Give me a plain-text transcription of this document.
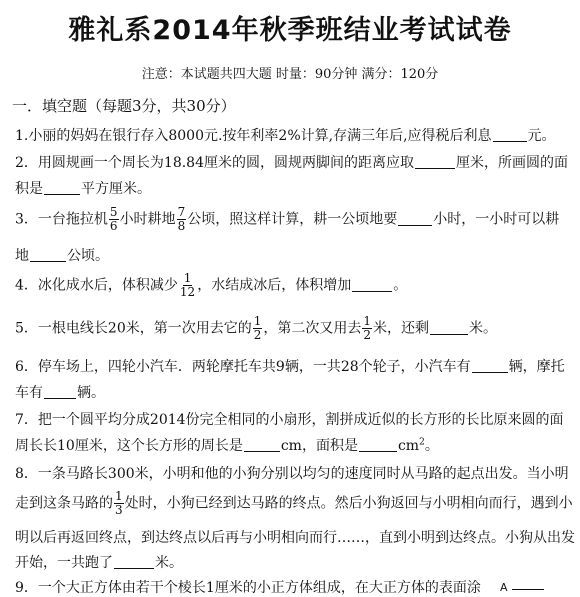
雅礼系2014年秋季班结业考试试卷
注意：本试题共四大题 时量：90分钟 满分：120分
一．填空题（每题3分，共30分）
1.小丽的妈妈在银行存入8000元.按年利率2%计算,存满三年后,应得税后利息	元。
2．用圆规画一个周长为18.84厘米的圆，圆规两脚间的距离应取	厘米，所画圆的面
积是	平方厘米。
3．一台拖拉机 $\frac{5}{6}$ 小时耕地 $\frac{7}{8}$ 公顷，照这样计算，耕一公顷地要	小时，一小时可以耕
地	公顷。
4．冰化成水后，体积减少 $\frac{1}{12}$ ，水结成冰后，体积增加	。
5．一根电线长20米，第一次用去它的 $\frac{1}{2}$ ，第二次又用去 $\frac{1}{2}$ 米，还剩	米。
6．停车场上，四轮小汽车．两轮摩托车共9辆，一共28个轮子，小汽车有	辆，摩托
车有 辆。
7．把一个圆平均分成2014份完全相同的小扇形，割拼成近似的长方形的长比原来圆的面
周长长10厘米，这个长方形的周长是	cm，面积是	$cm^2$。
8．一条马路长300米，小明和他的小狗分别以均匀的速度同时从马路的起点出发。当小明
走到这条马路的 $\frac{1}{3}$ 处时，小狗已经到达马路的终点。然后小狗返回与小明相向而行，遇到小
明以后再返回终点，到达终点以后再与小明相向而行……，直到小明到达终点。小狗从出发
开始，一共跑了	米。
9．一个大正方体由若干个棱长1厘米的小正方体组成，在大正方体的表面涂 A
